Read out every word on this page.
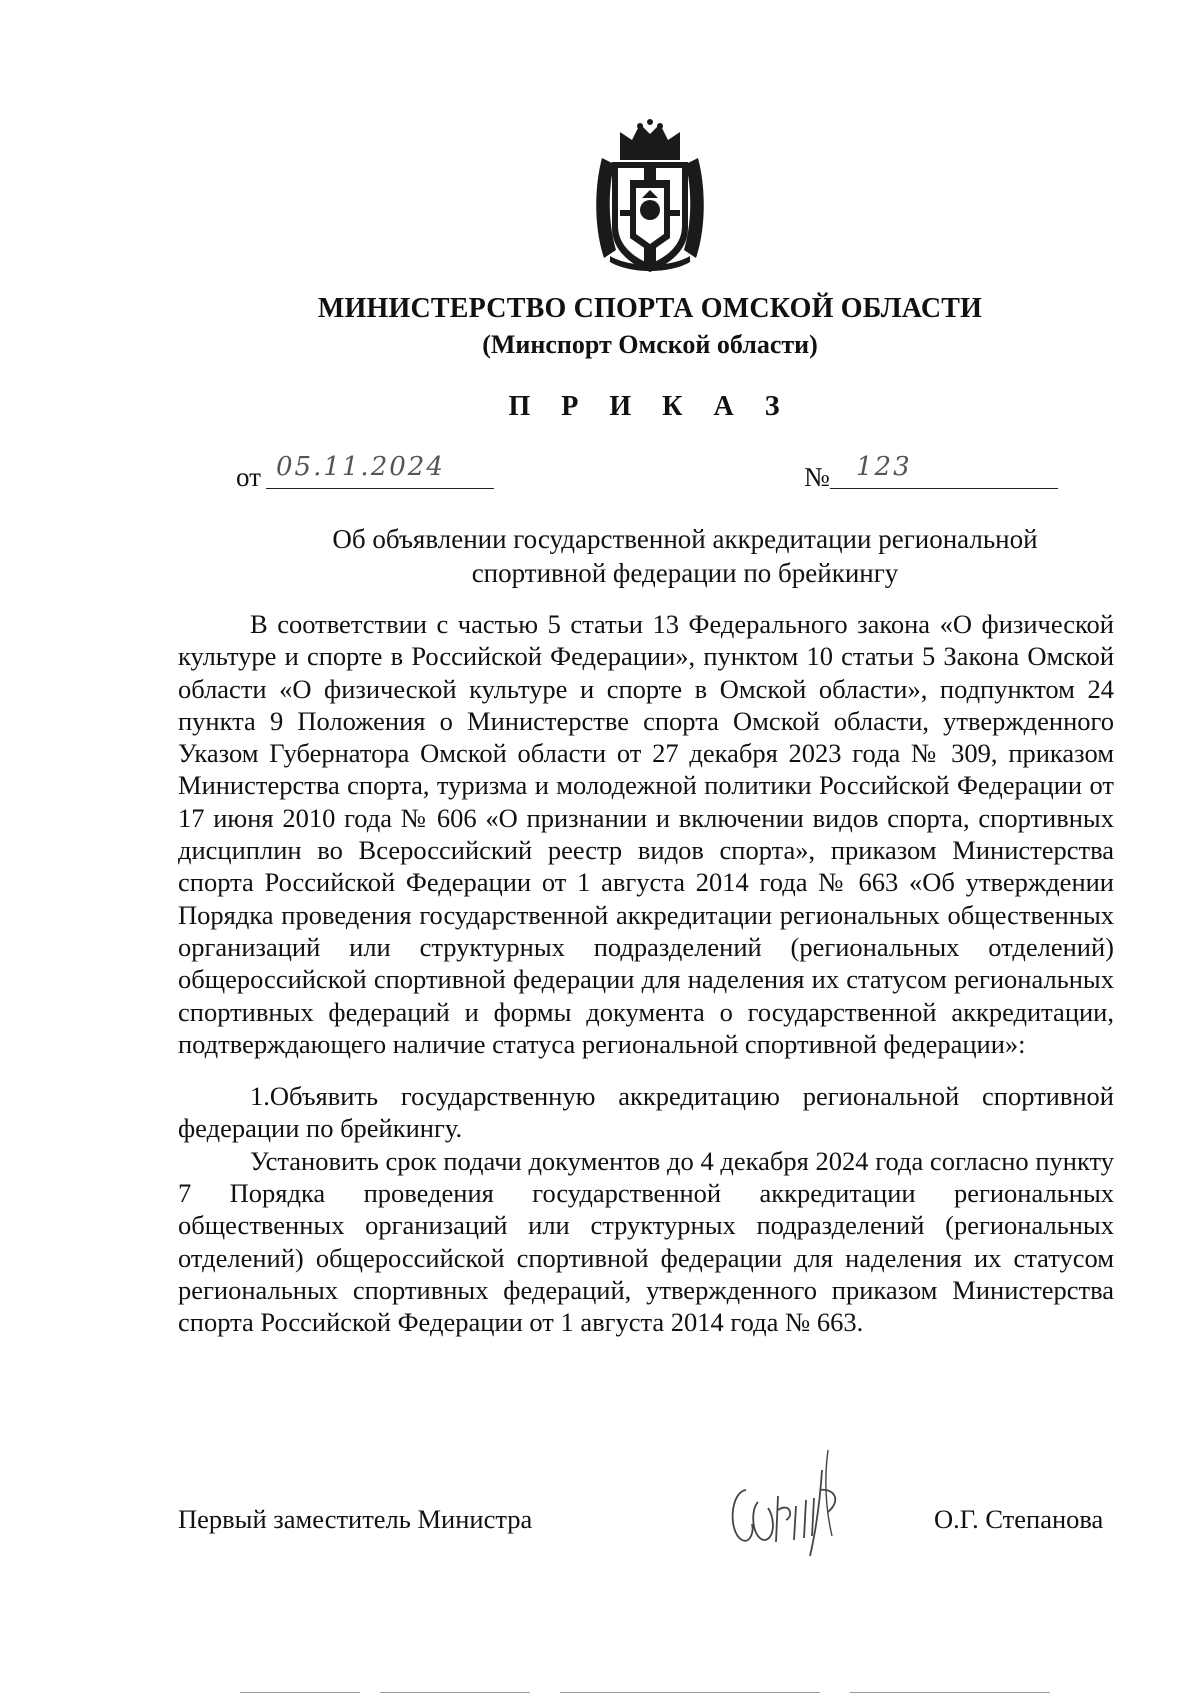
МИНИСТЕРСТВО СПОРТА ОМСКОЙ ОБЛАСТИ
(Минспорт Омской области)
П Р И К А З
от 05.11.2024	№ 123
Об объявлении государственной аккредитации региональной
спортивной федерации по брейкингу

В соответствии с частью 5 статьи 13 Федерального закона «О физической культуре и спорте в Российской Федерации», пунктом 10 статьи 5 Закона Омской области «О физической культуре и спорте в Омской области», подпунктом 24 пункта 9 Положения о Министерстве спорта Омской области, утвержденного Указом Губернатора Омской области от 27 декабря 2023 года № 309, приказом Министерства спорта, туризма и молодежной политики Российской Федерации от 17 июня 2010 года № 606 «О признании и включении видов спорта, спортивных дисциплин во Всероссийский реестр видов спорта», приказом Министерства спорта Российской Федерации от 1 августа 2014 года № 663 «Об утверждении Порядка проведения государственной аккредитации региональных общественных организаций или структурных подразделений (региональных отделений) общероссийской спортивной федерации для наделения их статусом региональных спортивных федераций и формы документа о государственной аккредитации, подтверждающего наличие статуса региональной спортивной федерации»:

1.Объявить государственную аккредитацию региональной спортивной федерации по брейкингу.

Установить срок подачи документов до 4 декабря 2024 года согласно пункту 7 Порядка проведения государственной аккредитации региональных общественных организаций или структурных подразделений (региональных отделений) общероссийской спортивной федерации для наделения их статусом региональных спортивных федераций, утвержденного приказом Министерства спорта Российской Федерации от 1 августа 2014 года № 663.

Первый заместитель Министра	О.Г. Степанова
